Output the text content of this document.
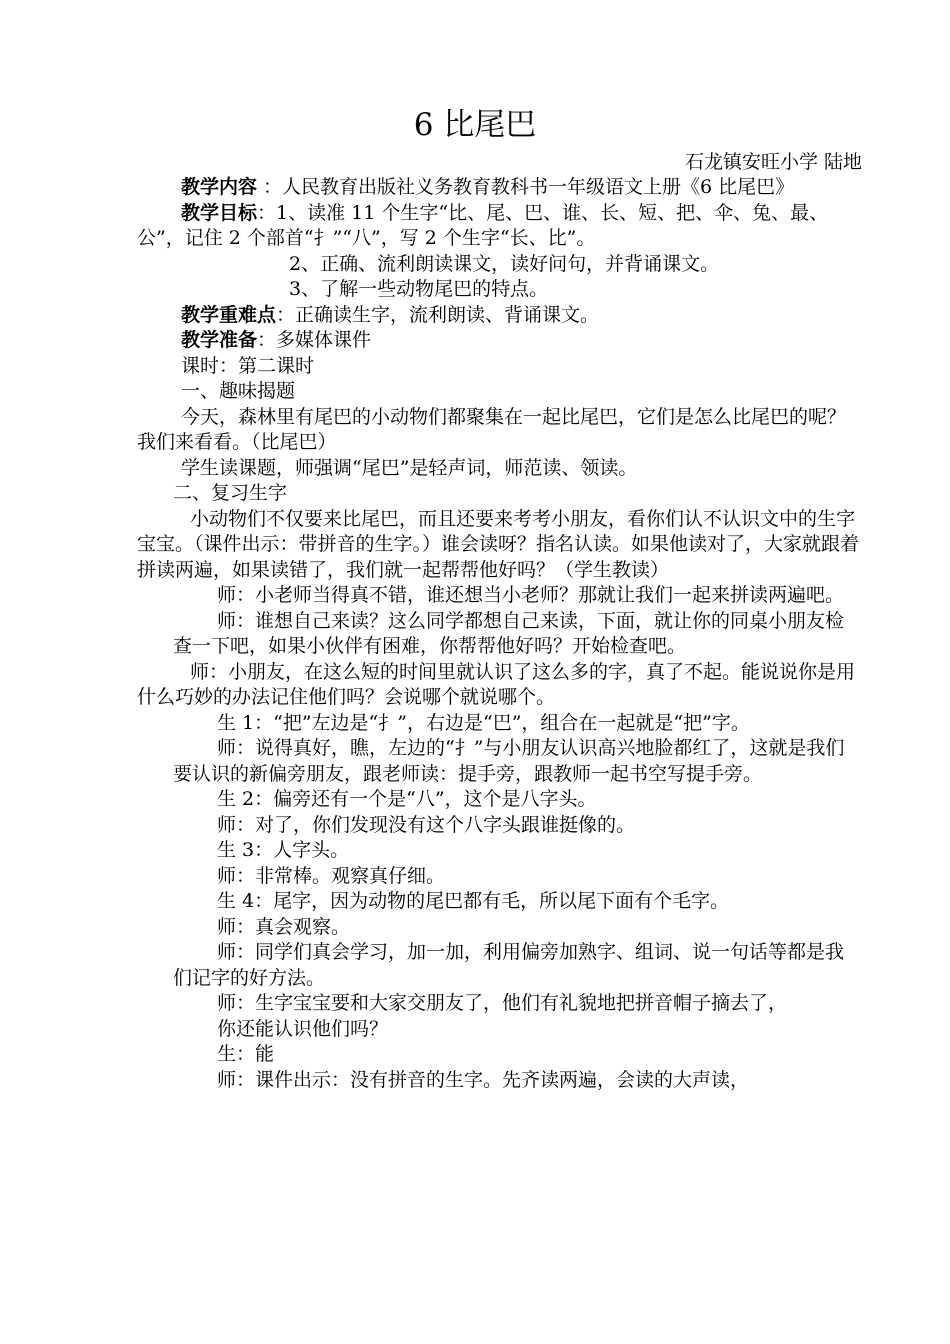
6 比尾巴
石龙镇安旺小学 陆地

教学内容 ：人民教育出版社义务教育教科书一年级语文上册《6 比尾巴》

教学目标：1、读准 11 个生字“比、尾、巴、谁、长、短、把、伞、兔、最、公”，记住 2 个部首“扌”“八”，写 2 个生字“长、比”。

2、正确、流利朗读课文，读好问句，并背诵课文。

3、了解一些动物尾巴的特点。

教学重难点：正确读生字，流利朗读、背诵课文。

教学准备：多媒体课件

课时：第二课时

一、趣味揭题

今天，森林里有尾巴的小动物们都聚集在一起比尾巴，它们是怎么比尾巴的呢？我们来看看。（比尾巴）

学生读课题，师强调“尾巴”是轻声词，师范读、领读。

二、复习生字

小动物们不仅要来比尾巴，而且还要来考考小朋友，看你们认不认识文中的生字宝宝。（课件出示：带拼音的生字。）谁会读呀？指名认读。如果他读对了，大家就跟着拼读两遍，如果读错了，我们就一起帮帮他好吗？（学生教读）

师：小老师当得真不错，谁还想当小老师？那就让我们一起来拼读两遍吧。

师：谁想自己来读？这么同学都想自己来读，下面，就让你的同桌小朋友检查一下吧，如果小伙伴有困难，你帮帮他好吗？开始检查吧。

师：小朋友，在这么短的时间里就认识了这么多的字，真了不起。能说说你是用什么巧妙的办法记住他们吗？会说哪个就说哪个。

生 1：“把”左边是“扌”，右边是“巴”，组合在一起就是“把”字。

师：说得真好，瞧，左边的“扌”与小朋友认识高兴地脸都红了，这就是我们要认识的新偏旁朋友，跟老师读：提手旁，跟教师一起书空写提手旁。

生 2：偏旁还有一个是“八”，这个是八字头。

师：对了，你们发现没有这个八字头跟谁挺像的。

生 3：人字头。

师：非常棒。观察真仔细。

生 4：尾字，因为动物的尾巴都有毛，所以尾下面有个毛字。

师：真会观察。

师：同学们真会学习，加一加，利用偏旁加熟字、组词、说一句话等都是我们记字的好方法。

师：生字宝宝要和大家交朋友了，他们有礼貌地把拼音帽子摘去了，

你还能认识他们吗？

生：能

师：课件出示：没有拼音的生字。先齐读两遍，会读的大声读，
